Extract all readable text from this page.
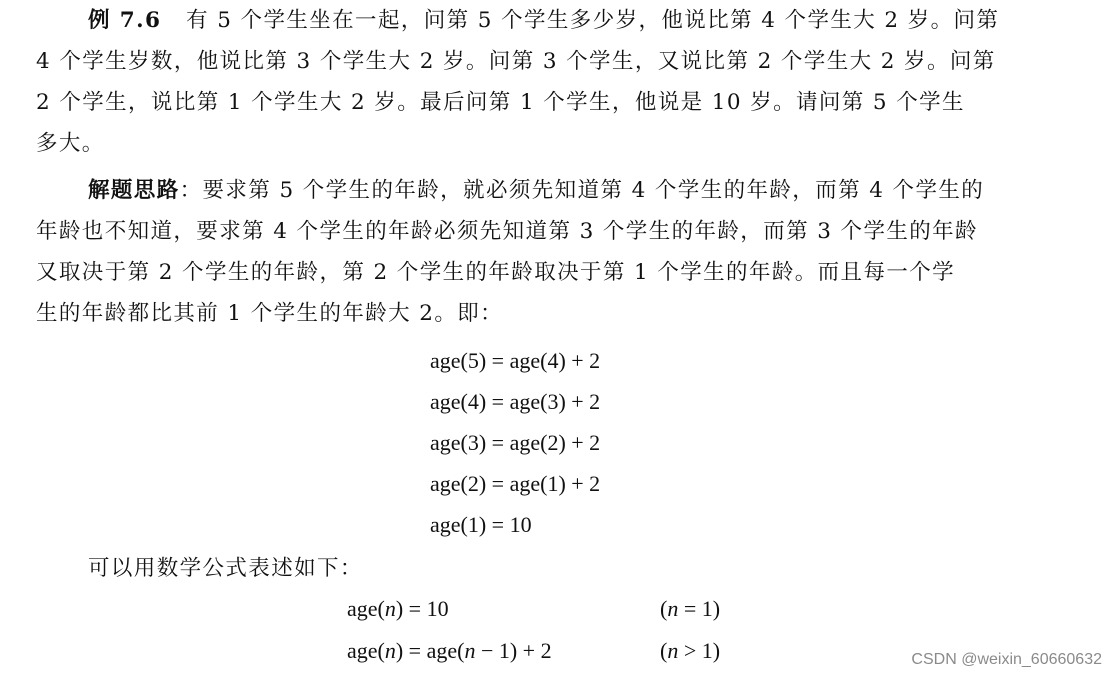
例 7.6 有 5 个学生坐在一起，问第 5 个学生多少岁，他说比第 4 个学生大 2 岁。问第
4 个学生岁数，他说比第 3 个学生大 2 岁。问第 3 个学生，又说比第 2 个学生大 2 岁。问第
2 个学生，说比第 1 个学生大 2 岁。最后问第 1 个学生，他说是 10 岁。请问第 5 个学生
多大。
解题思路：要求第 5 个学生的年龄，就必须先知道第 4 个学生的年龄，而第 4 个学生的
年龄也不知道，要求第 4 个学生的年龄必须先知道第 3 个学生的年龄，而第 3 个学生的年龄
又取决于第 2 个学生的年龄，第 2 个学生的年龄取决于第 1 个学生的年龄。而且每一个学
生的年龄都比其前 1 个学生的年龄大 2。即：
age(5) = age(4) + 2
age(4) = age(3) + 2
age(3) = age(2) + 2
age(2) = age(1) + 2
age(1) = 10
可以用数学公式表述如下：
age(n) = 10	(n = 1)
age(n) = age(n − 1) + 2	(n > 1)	CSDN @weixin_60660632
